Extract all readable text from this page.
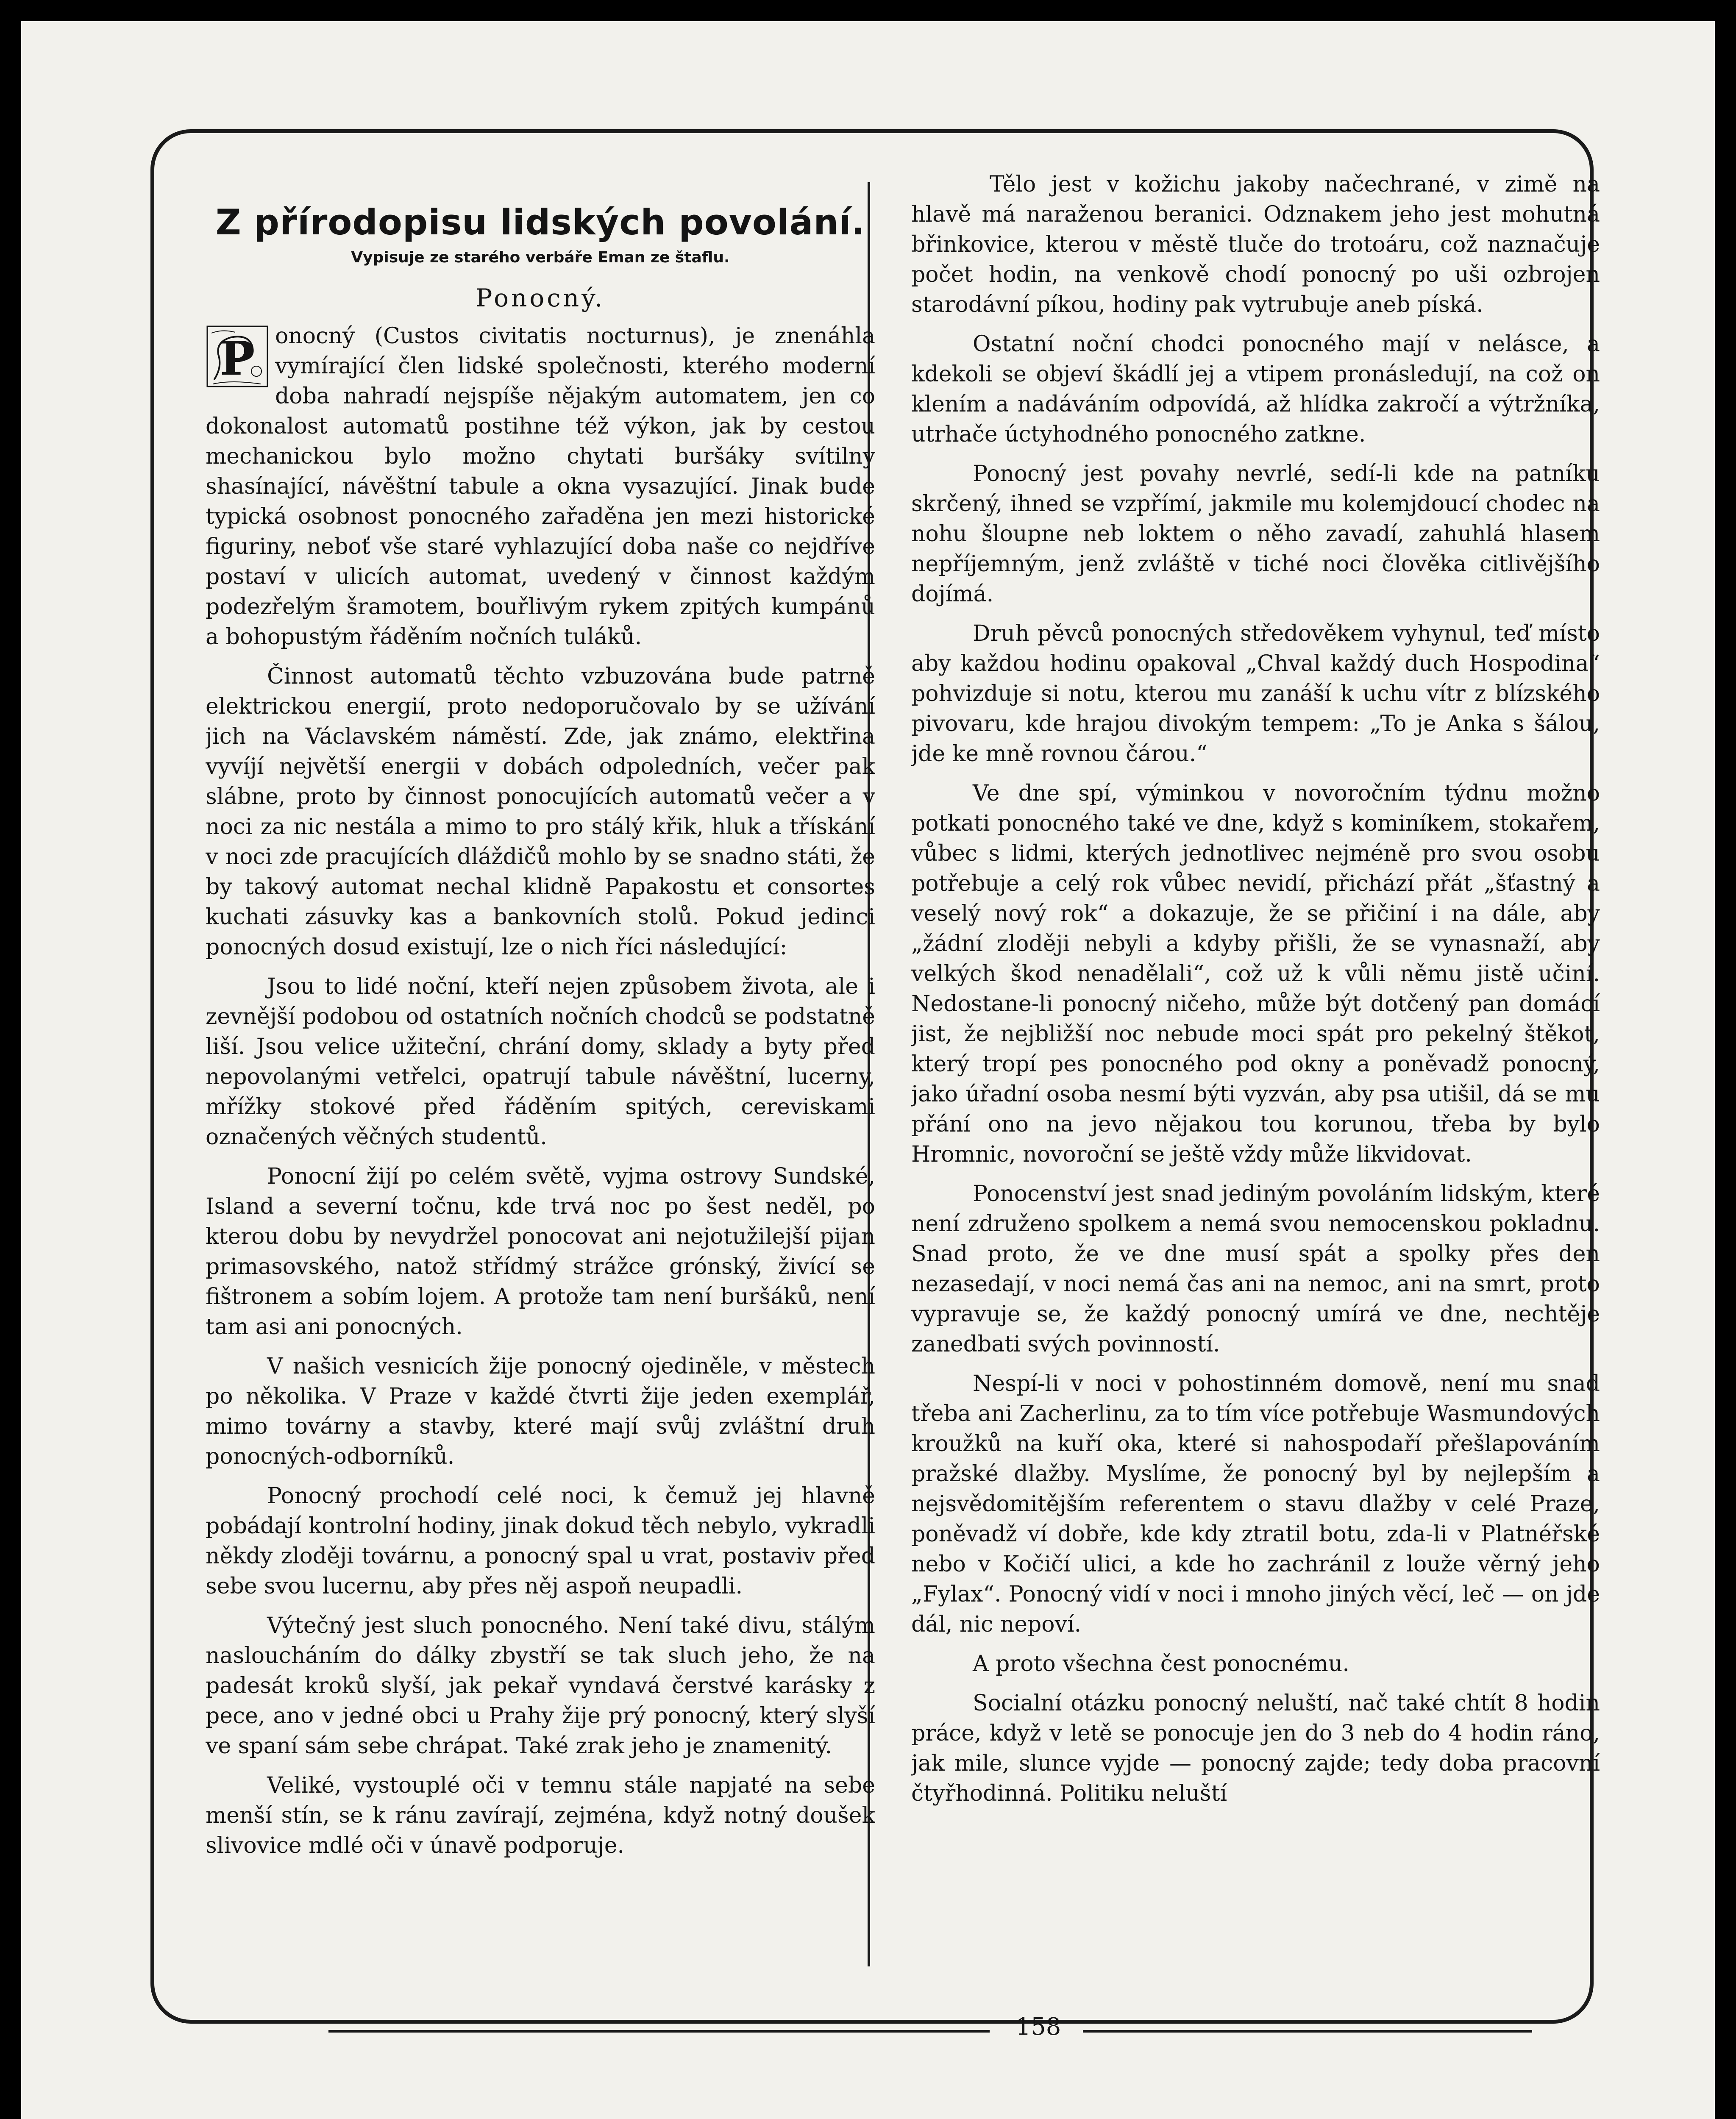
Z přírodopisu lidských povolání.
Vypisuje ze starého verbáře Eman ze štaflu.
Ponocný.

P onocný (Custos civitatis nocturnus), je znenáhla vymírající člen lidské společnosti, kterého moderní doba nahradí nejspíše nějakým automatem, jen co dokonalost automatů postihne též výkon, jak by cestou mechanickou bylo možno chytati buršáky svítilny shasínající, návěštní tabule a okna vysazující. Jinak bude typická osobnost ponocného zařaděna jen mezi historické figuriny, neboť vše staré vyhlazující doba naše co nejdříve postaví v ulicích automat, uvedený v činnost každým podezřelým šramotem, bouřlivým rykem zpitých kumpánů a bohopustým řáděním nočních tuláků.

Činnost automatů těchto vzbuzována bude patrně elektrickou energií, proto nedoporučovalo by se užívání jich na Václavském náměstí. Zde, jak známo, elektřina vyvíjí největší energii v dobách odpoledních, večer pak slábne, proto by činnost ponocujících automatů večer a v noci za nic nestála a mimo to pro stálý křik, hluk a třískání v noci zde pracujících dláždičů mohlo by se snadno státi, že by takový automat nechal klidně Papakostu et consortes kuchati zásuvky kas a bankovních stolů. Pokud jedinci ponocných dosud existují, lze o nich říci následující:

Jsou to lidé noční, kteří nejen způsobem života, ale i zevnější podobou od ostatních nočních chodců se podstatně liší. Jsou velice užiteční, chrání domy, sklady a byty před nepovolanými vetřelci, opatrují tabule návěštní, lucerny, mřížky stokové před řáděním spitých, cereviskami označených věčných studentů.

Ponocní žijí po celém světě, vyjma ostrovy Sundské, Island a severní točnu, kde trvá noc po šest neděl, po kterou dobu by nevydržel ponocovat ani nejotužilejší pijan primasovského, natož střídmý strážce grónský, živící se fištronem a sobím lojem. A protože tam není buršáků, není tam asi ani ponocných.

V našich vesnicích žije ponocný ojediněle, v městech po několika. V Praze v každé čtvrti žije jeden exemplář, mimo továrny a stavby, které mají svůj zvláštní druh ponocných-odborníků.

Ponocný prochodí celé noci, k čemuž jej hlavně pobádají kontrolní hodiny, jinak dokud těch nebylo, vykradli někdy zloději továrnu, a ponocný spal u vrat, postaviv před sebe svou lucernu, aby přes něj aspoň neupadli.

Výtečný jest sluch ponocného. Není také divu, stálým nasloucháním do dálky zbystří se tak sluch jeho, že na padesát kroků slyší, jak pekař vyndavá čerstvé karásky z pece, ano v jedné obci u Prahy žije prý ponocný, který slyší ve spaní sám sebe chrápat. Také zrak jeho je znamenitý.

Veliké, vystouplé oči v temnu stále napjaté na sebe menší stín, se k ránu zavírají, zejména, když notný doušek slivovice mdlé oči v únavě podporuje.

Tělo jest v kožichu jakoby načechrané, v zimě na hlavě má naraženou beranici. Odznakem jeho jest mohutná břinkovice, kterou v městě tluče do trotoáru, což naznačuje počet hodin, na venkově chodí ponocný po uši ozbrojen starodávní píkou, hodiny pak vytrubuje aneb píská.

Ostatní noční chodci ponocného mají v nelásce, a kdekoli se objeví škádlí jej a vtipem pronásledují, na což on klením a nadáváním odpovídá, až hlídka zakročí a výtržníka, utrhače úctyhodného ponocného zatkne.

Ponocný jest povahy nevrlé, sedí-li kde na patníku skrčený, ihned se vzpřímí, jakmile mu kolemjdoucí chodec na nohu šloupne neb loktem o něho zavadí, zahuhlá hlasem nepříjemným, jenž zvláště v tiché noci člověka citlivějšího dojímá.

Druh pěvců ponocných středověkem vyhynul, teď místo aby každou hodinu opakoval „Chval každý duch Hospodina“ pohvizduje si notu, kterou mu zanáší k uchu vítr z blízského pivovaru, kde hrajou divokým tempem: „To je Anka s šálou, jde ke mně rovnou čárou.“

Ve dne spí, výminkou v novoročním týdnu možno potkati ponocného také ve dne, když s kominíkem, stokařem, vůbec s lidmi, kterých jednotlivec nejméně pro svou osobu potřebuje a celý rok vůbec nevidí, přichází přát „šťastný a veselý nový rok“ a dokazuje, že se přičiní i na dále, aby „žádní zloději nebyli a kdyby přišli, že se vynasnaží, aby velkých škod nenadělali“, což už k vůli němu jistě učiní. Nedostane-li ponocný ničeho, může být dotčený pan domácí jist, že nejbližší noc nebude moci spát pro pekelný štěkot, který tropí pes ponocného pod okny a poněvadž ponocný, jako úřadní osoba nesmí býti vyzván, aby psa utišil, dá se mu přání ono na jevo nějakou tou korunou, třeba by bylo Hromnic, novoroční se ještě vždy může likvidovat.

Ponocenství jest snad jediným povoláním lidským, které není združeno spolkem a nemá svou nemocenskou pokladnu. Snad proto, že ve dne musí spát a spolky přes den nezasedají, v noci nemá čas ani na nemoc, ani na smrt, proto vypravuje se, že každý ponocný umírá ve dne, nechtěje zanedbati svých povinností.

Nespí-li v noci v pohostinném domově, není mu snad třeba ani Zacherlinu, za to tím více potřebuje Wasmundových kroužků na kuří oka, které si nahospodaří přešlapováním pražské dlažby. Myslíme, že ponocný byl by nejlepším a nejsvědomitějším referentem o stavu dlažby v celé Praze, poněvadž ví dobře, kde kdy ztratil botu, zda-li v Platnéřské nebo v Kočičí ulici, a kde ho zachránil z louže věrný jeho „Fylax“. Ponocný vidí v noci i mnoho jiných věcí, leč — on jde dál, nic nepoví.

A proto všechna čest ponocnému.

Socialní otázku ponocný neluští, nač také chtít 8 hodin práce, když v letě se ponocuje jen do 3 neb do 4 hodin ráno, jak mile, slunce vyjde — ponocný zajde; tedy doba pracovní čtyřhodinná. Politiku neluští

158
